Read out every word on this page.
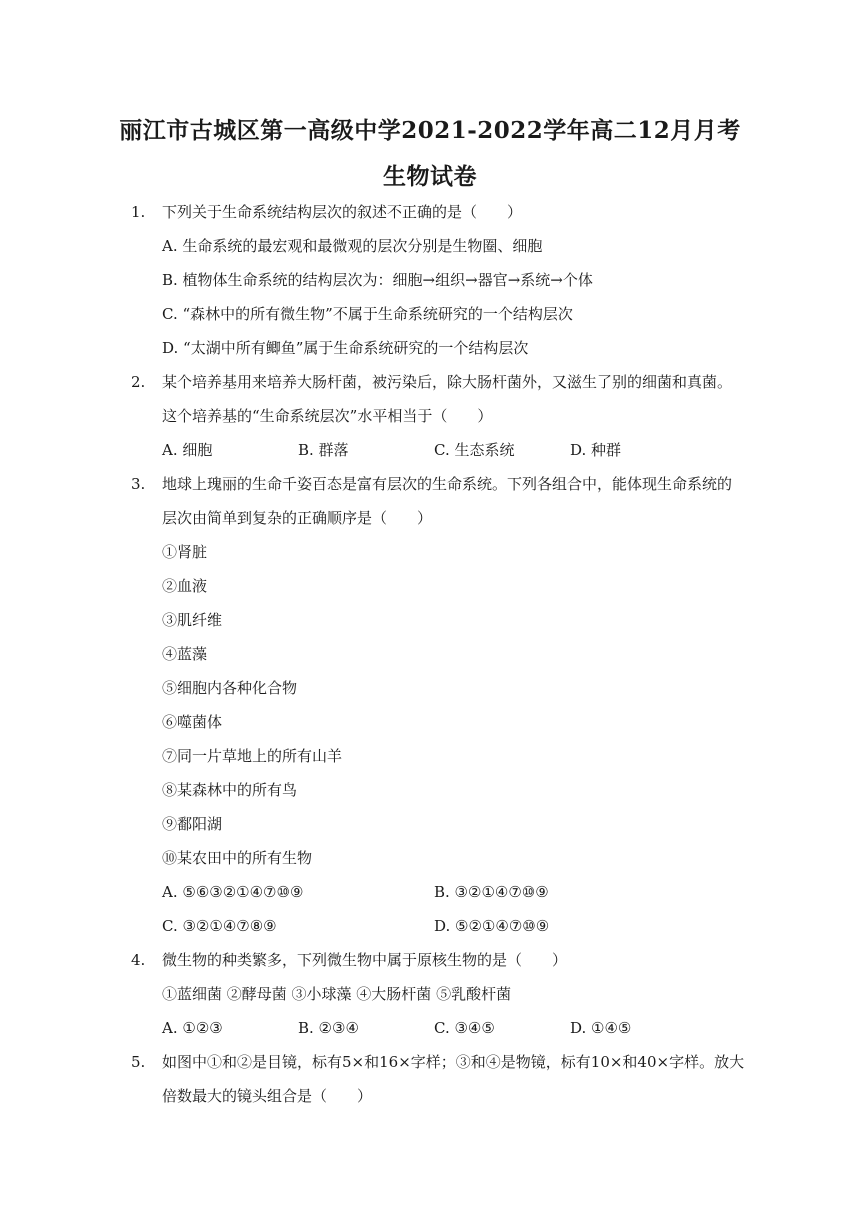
丽江市古城区第一高级中学2021-2022学年高二12月月考
生物试卷
1. 下列关于生命系统结构层次的叙述不正确的是（　　）
A. 生命系统的最宏观和最微观的层次分别是生物圈、细胞
B. 植物体生命系统的结构层次为：细胞→组织→器官→系统→个体
C. “森林中的所有微生物”不属于生命系统研究的一个结构层次
D. “太湖中所有鲫鱼”属于生命系统研究的一个结构层次
2. 某个培养基用来培养大肠杆菌，被污染后，除大肠杆菌外，又滋生了别的细菌和真菌。
这个培养基的“生命系统层次”水平相当于（　　）
A. 细胞	B. 群落	C. 生态系统	D. 种群
3. 地球上瑰丽的生命千姿百态是富有层次的生命系统。下列各组合中，能体现生命系统的
层次由简单到复杂的正确顺序是（　　）
①肾脏
②血液
③肌纤维
④蓝藻
⑤细胞内各种化合物
⑥噬菌体
⑦同一片草地上的所有山羊
⑧某森林中的所有鸟
⑨鄱阳湖
⑩某农田中的所有生物
A. ⑤⑥③②①④⑦⑩⑨	B. ③②①④⑦⑩⑨
C. ③②①④⑦⑧⑨	D. ⑤②①④⑦⑩⑨
4. 微生物的种类繁多，下列微生物中属于原核生物的是（　　）
①蓝细菌 ②酵母菌 ③小球藻 ④大肠杆菌 ⑤乳酸杆菌
A. ①②③	B. ②③④	C. ③④⑤	D. ①④⑤
5. 如图中①和②是目镜，标有5×和16×字样；③和④是物镜，标有10×和40×字样。放大
倍数最大的镜头组合是（　　）
